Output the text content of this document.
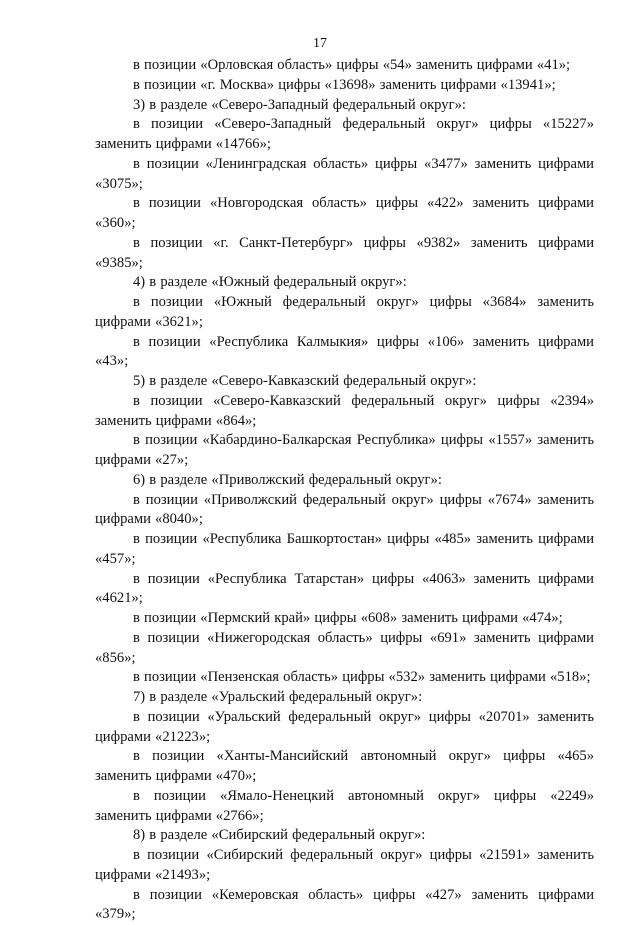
17

в позиции «Орловская область» цифры «54» заменить цифрами «41»;

в позиции «г. Москва» цифры «13698» заменить цифрами «13941»;

3) в разделе «Северо-Западный федеральный округ»:

в позиции «Северо-Западный федеральный округ» цифры «15227» заменить цифрами «14766»;

в позиции «Ленинградская область» цифры «3477» заменить цифрами «3075»;

в позиции «Новгородская область» цифры «422» заменить цифрами «360»;

в позиции «г. Санкт-Петербург» цифры «9382» заменить цифрами «9385»;

4) в разделе «Южный федеральный округ»:

в позиции «Южный федеральный округ» цифры «3684» заменить цифрами «3621»;

в позиции «Республика Калмыкия» цифры «106» заменить цифрами «43»;

5) в разделе «Северо-Кавказский федеральный округ»:

в позиции «Северо-Кавказский федеральный округ» цифры «2394» заменить цифрами «864»;

в позиции «Кабардино-Балкарская Республика» цифры «1557» заменить цифрами «27»;

6) в разделе «Приволжский федеральный округ»:

в позиции «Приволжский федеральный округ» цифры «7674» заменить цифрами «8040»;

в позиции «Республика Башкортостан» цифры «485» заменить цифрами «457»;

в позиции «Республика Татарстан» цифры «4063» заменить цифрами «4621»;

в позиции «Пермский край» цифры «608» заменить цифрами «474»;

в позиции «Нижегородская область» цифры «691» заменить цифрами «856»;

в позиции «Пензенская область» цифры «532» заменить цифрами «518»;

7) в разделе «Уральский федеральный округ»:

в позиции «Уральский федеральный округ» цифры «20701» заменить цифрами «21223»;

в позиции «Ханты-Мансийский автономный округ» цифры «465» заменить цифрами «470»;

в позиции «Ямало-Ненецкий автономный округ» цифры «2249» заменить цифрами «2766»;

8) в разделе «Сибирский федеральный округ»:

в позиции «Сибирский федеральный округ» цифры «21591» заменить цифрами «21493»;

в позиции «Кемеровская область» цифры «427» заменить цифрами «379»;
